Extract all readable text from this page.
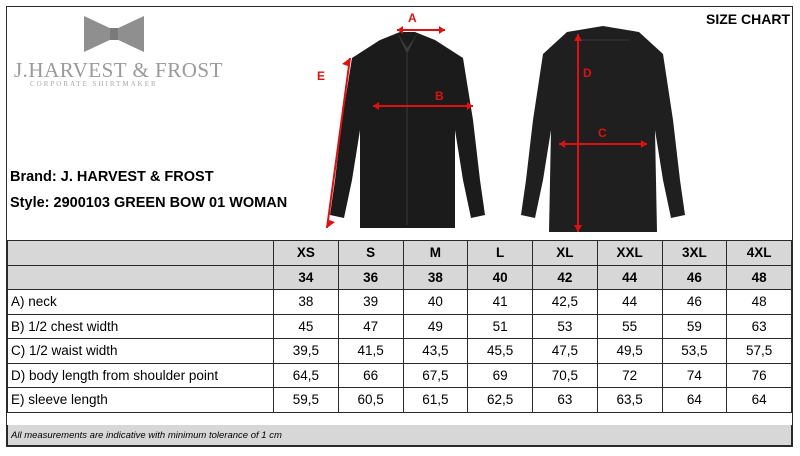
J.HARVEST & FROST
CORPORATE SHIRTMAKER
SIZE CHART
Brand: J. HARVEST & FROST
Style: 2900103 GREEN BOW 01 WOMAN
A
B
E	D
C
	XS	S	M	L	XL	XXL	3XL	4XL
	34	36	38	40	42	44	46	48
A) neck	38	39	40	41	42,5	44	46	48
B) 1/2 chest width	45	47	49	51	53	55	59	63
C) 1/2 waist width	39,5	41,5	43,5	45,5	47,5	49,5	53,5	57,5
D) body length from shoulder point	64,5	66	67,5	69	70,5	72	74	76
E) sleeve length	59,5	60,5	61,5	62,5	63	63,5	64	64
All measurements are indicative with minimum tolerance of 1 cm
